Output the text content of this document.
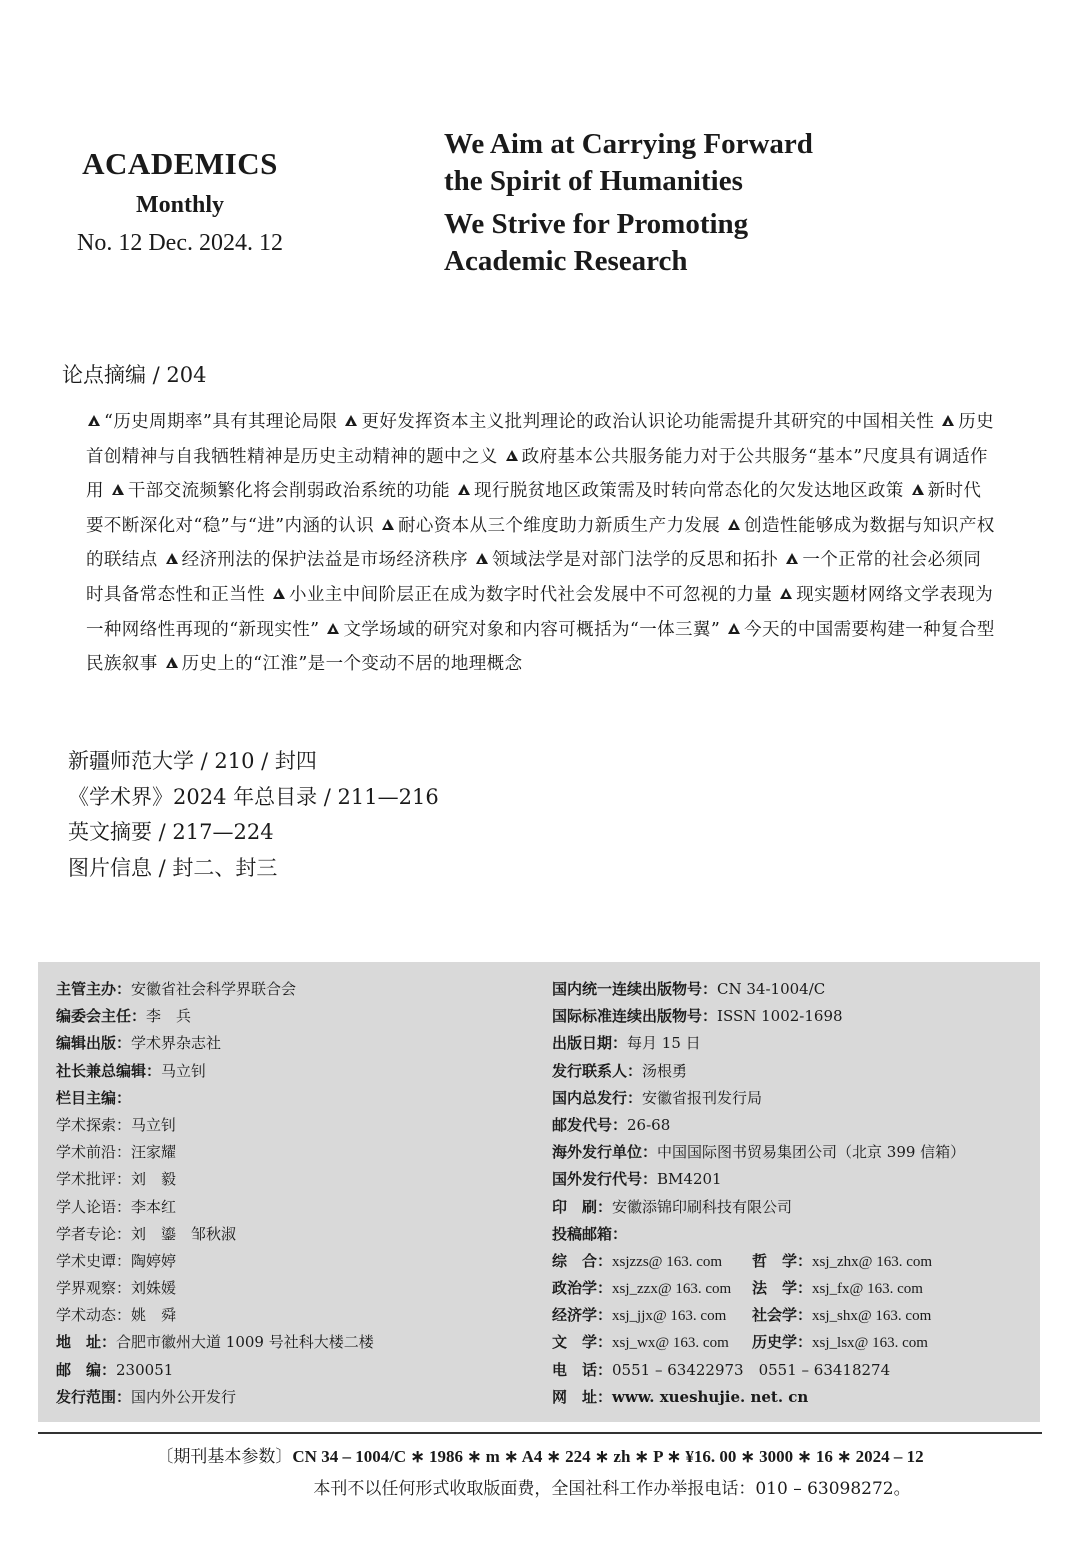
ACADEMICS
Monthly
No. 12 Dec. 2024. 12
We Aim at Carrying Forward
the Spirit of Humanities
We Strive for Promoting
Academic Research
论点摘编 / 204
“历史周期率”具有其理论局限 更好发挥资本主义批判理论的政治认识论功能需提升其研究的中国相关性 历史首创精神与自我牺牲精神是历史主动精神的题中之义 政府基本公共服务能力对于公共服务“基本”尺度具有调适作用 干部交流频繁化将会削弱政治系统的功能 现行脱贫地区政策需及时转向常态化的欠发达地区政策 新时代要不断深化对“稳”与“进”内涵的认识 耐心资本从三个维度助力新质生产力发展 创造性能够成为数据与知识产权的联结点 经济刑法的保护法益是市场经济秩序 领域法学是对部门法学的反思和拓扑 一个正常的社会必须同时具备常态性和正当性 小业主中间阶层正在成为数字时代社会发展中不可忽视的力量 现实题材网络文学表现为一种网络性再现的“新现实性” 文学场域的研究对象和内容可概括为“一体三翼” 今天的中国需要构建一种复合型民族叙事 历史上的“江淮”是一个变动不居的地理概念
新疆师范大学 / 210 / 封四
《学术界》2024 年总目录 / 211—216
英文摘要 / 217—224
图片信息 / 封二、封三
主管主办：安徽省社会科学界联合会
编委会主任：李　兵
编辑出版：学术界杂志社
社长兼总编辑：马立钊
栏目主编：
学术探索：马立钊
学术前沿：汪家耀
学术批评：刘　毅
学人论语：李本红
学者专论：刘　鎏　邹秋淑
学术史谭：陶婷婷
学界观察：刘姝媛
学术动态：姚　舜
地　址：合肥市徽州大道 1009 号社科大楼二楼
邮　编：230051
发行范围：国内外公开发行
国内统一连续出版物号：CN 34-1004/C
国际标准连续出版物号：ISSN 1002-1698
出版日期：每月 15 日
发行联系人：汤根勇
国内总发行：安徽省报刊发行局
邮发代号：26-68
海外发行单位：中国国际图书贸易集团公司（北京 399 信箱）
国外发行代号：BM4201
印　刷：安徽添锦印刷科技有限公司
投稿邮箱：
综　合：xsjzzs@ 163. com 哲　学：xsj_zhx@ 163. com
政治学：xsj_zzx@ 163. com 法　学：xsj_fx@ 163. com
经济学：xsj_jjx@ 163. com 社会学：xsj_shx@ 163. com
文　学：xsj_wx@ 163. com 历史学：xsj_lsx@ 163. com
电　话：0551 – 63422973　0551 – 63418274
网　址：www. xueshujie. net. cn
〔期刊基本参数〕CN 34 – 1004/C ∗ 1986 ∗ m ∗ A4 ∗ 224 ∗ zh ∗ P ∗ ¥16. 00 ∗ 3000 ∗ 16 ∗ 2024 – 12
本刊不以任何形式收取版面费，全国社科工作办举报电话：010 – 63098272。
